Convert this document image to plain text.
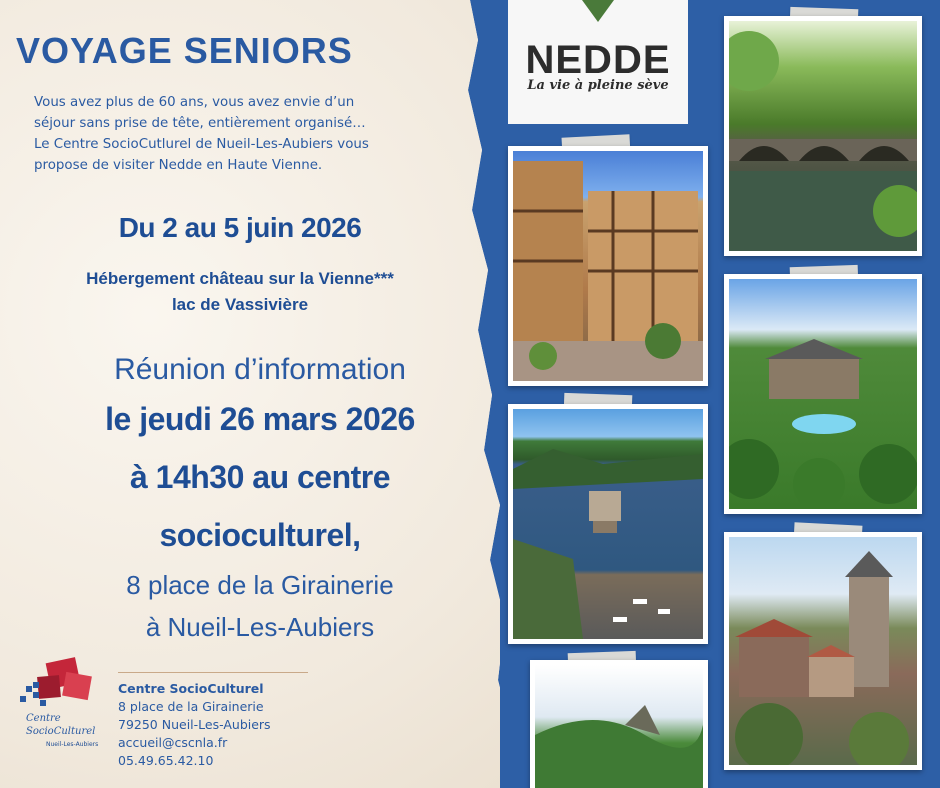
VOYAGE SENIORS
Vous avez plus de 60 ans, vous avez envie d’un
séjour sans prise de tête, entièrement organisé…
Le Centre SocioCutlurel de Nueil-Les-Aubiers vous
propose de visiter Nedde en Haute Vienne.
Du 2 au 5 juin 2026
Hébergement château sur la Vienne***
lac de Vassivière
Réunion d’information
le jeudi 26 mars 2026
à 14h30 au centre
socioculturel,
8 place de la Girainerie
à Nueil-Les-Aubiers
Centre
SocioCulturel
Nueil-Les-Aubiers
Centre SocioCulturel
8 place de la Girainerie
79250 Nueil-Les-Aubiers
accueil@cscnla.fr
05.49.65.42.10
NEDDE
La vie à pleine sève
